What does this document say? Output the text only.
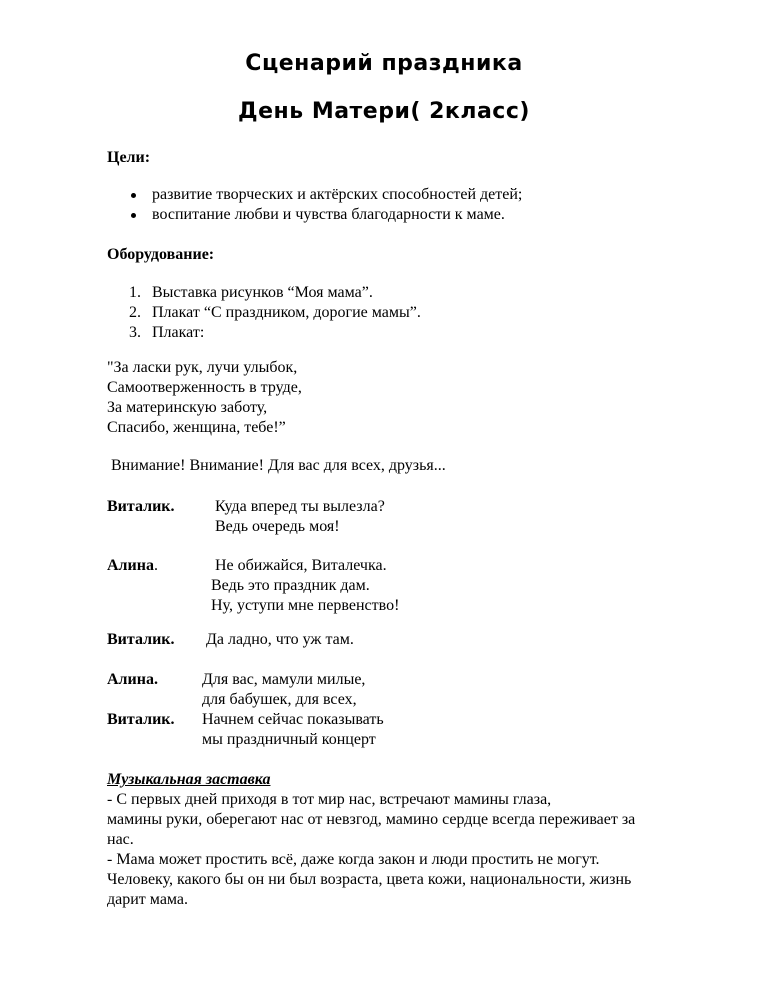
Сценарий праздника
День Матери( 2класс)
Цели:
развитие творческих и актёрских способностей детей;
воспитание любви и чувства благодарности к маме.
Оборудование:
1. Выставка рисунков “Моя мама”.
2. Плакат “С праздником, дорогие мамы”.
3. Плакат:
"За ласки рук, лучи улыбок,
Самоотверженность в труде,
За материнскую заботу,
Спасибо, женщина, тебе!”
Внимание! Внимание! Для вас для всех, друзья...
Виталик.	Куда вперед ты вылезла?
Ведь очередь моя!
Алина.	Не обижайся, Виталечка.
Ведь это праздник дам.
Ну, уступи мне первенство!
Виталик. Да ладно, что уж там.
Алина.	Для вас, мамули милые,
для бабушек, для всех,
Виталик. Начнем сейчас показывать
мы праздничный концерт
Музыкальная заставка
- С первых дней приходя в тот мир нас, встречают мамины глаза,
мамины руки, оберегают нас от невзгод, мамино сердце всегда переживает за
нас.
- Мама может простить всё, даже когда закон и люди простить не могут.
Человеку, какого бы он ни был возраста, цвета кожи, национальности, жизнь
дарит мама.
